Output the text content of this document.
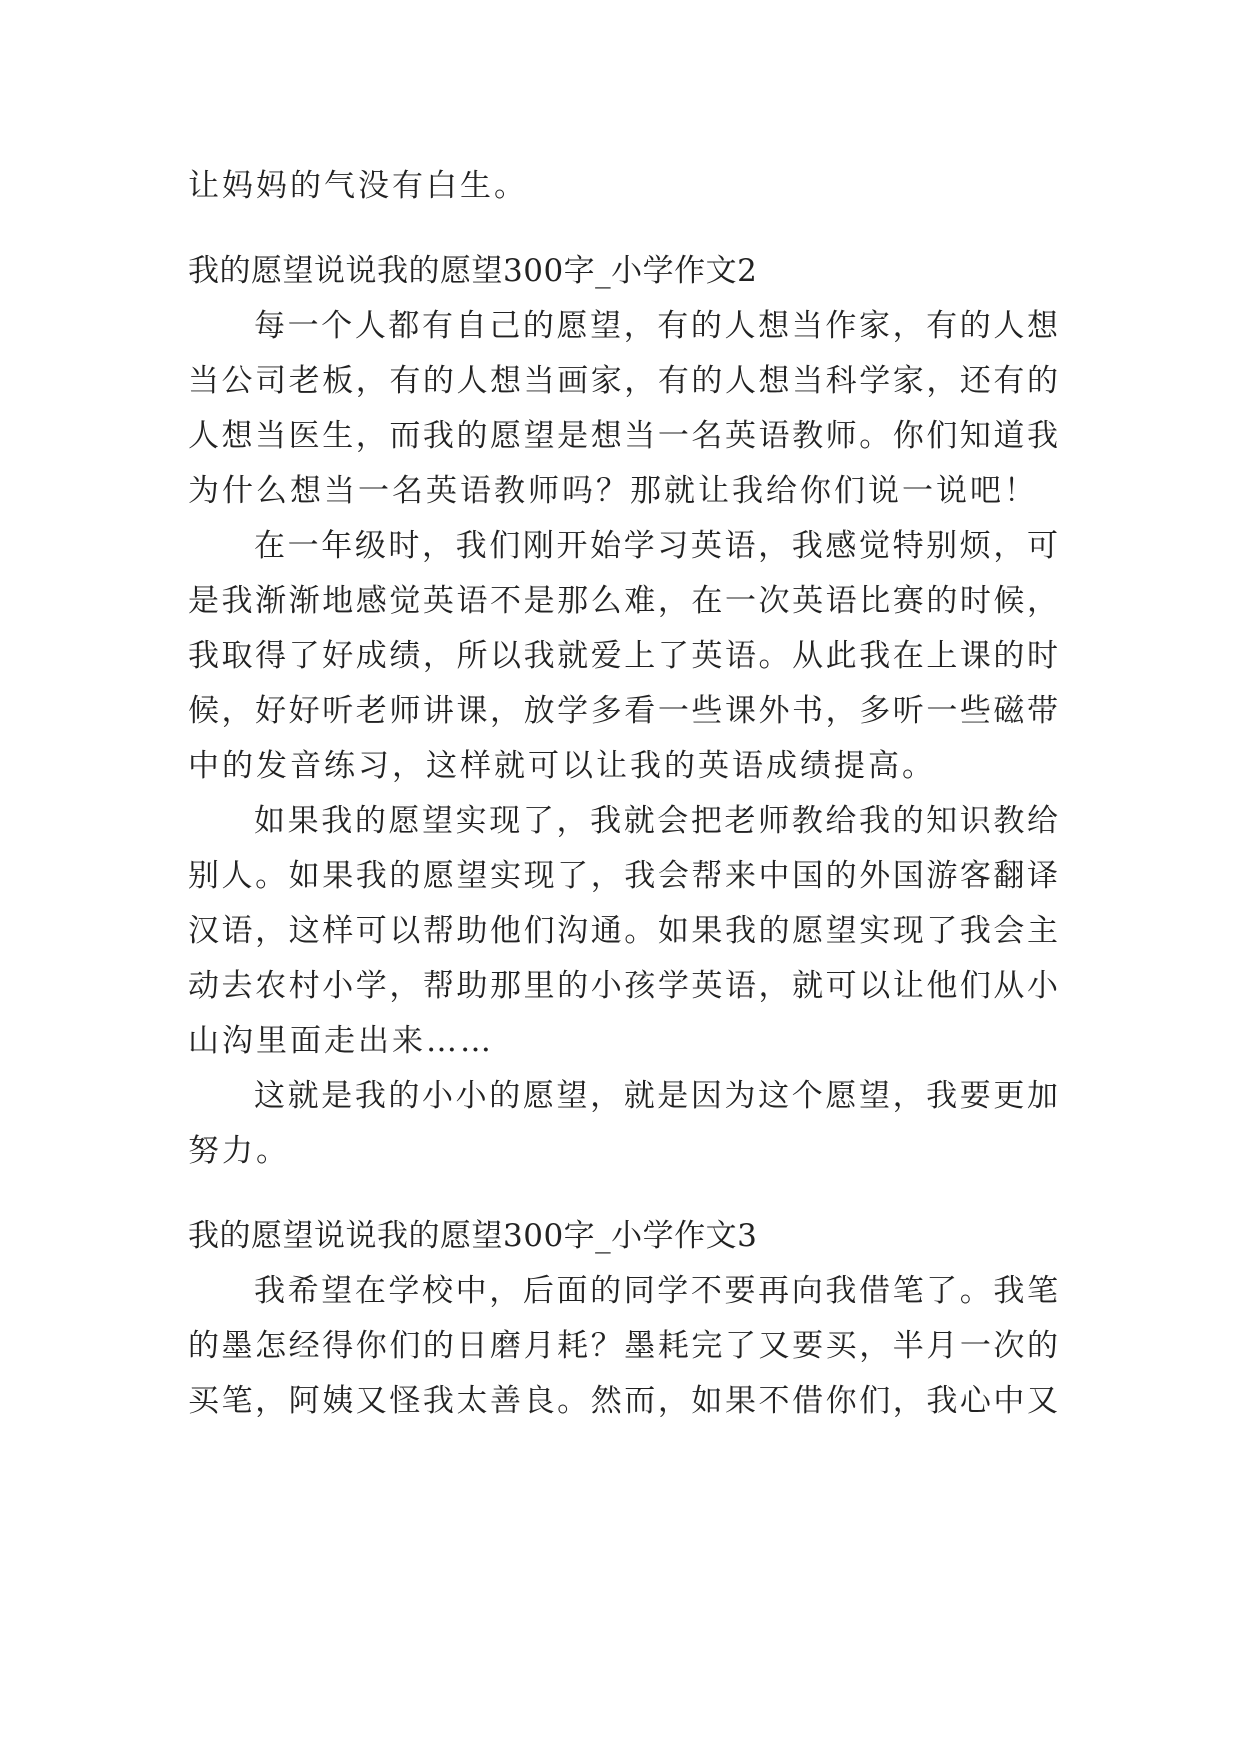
让妈妈的气没有白生。
我的愿望说说我的愿望300字_小学作文2
每一个人都有自己的愿望，有的人想当作家，有的人想
当公司老板，有的人想当画家，有的人想当科学家，还有的
人想当医生，而我的愿望是想当一名英语教师。你们知道我
为什么想当一名英语教师吗？那就让我给你们说一说吧！
在一年级时，我们刚开始学习英语，我感觉特别烦，可
是我渐渐地感觉英语不是那么难，在一次英语比赛的时候，
我取得了好成绩，所以我就爱上了英语。从此我在上课的时
候，好好听老师讲课，放学多看一些课外书，多听一些磁带
中的发音练习，这样就可以让我的英语成绩提高。
如果我的愿望实现了，我就会把老师教给我的知识教给
别人。如果我的愿望实现了，我会帮来中国的外国游客翻译
汉语，这样可以帮助他们沟通。如果我的愿望实现了我会主
动去农村小学，帮助那里的小孩学英语，就可以让他们从小
山沟里面走出来……
这就是我的小小的愿望，就是因为这个愿望，我要更加
努力。
我的愿望说说我的愿望300字_小学作文3
我希望在学校中，后面的同学不要再向我借笔了。我笔
的墨怎经得你们的日磨月耗？墨耗完了又要买，半月一次的
买笔，阿姨又怪我太善良。然而，如果不借你们，我心中又
